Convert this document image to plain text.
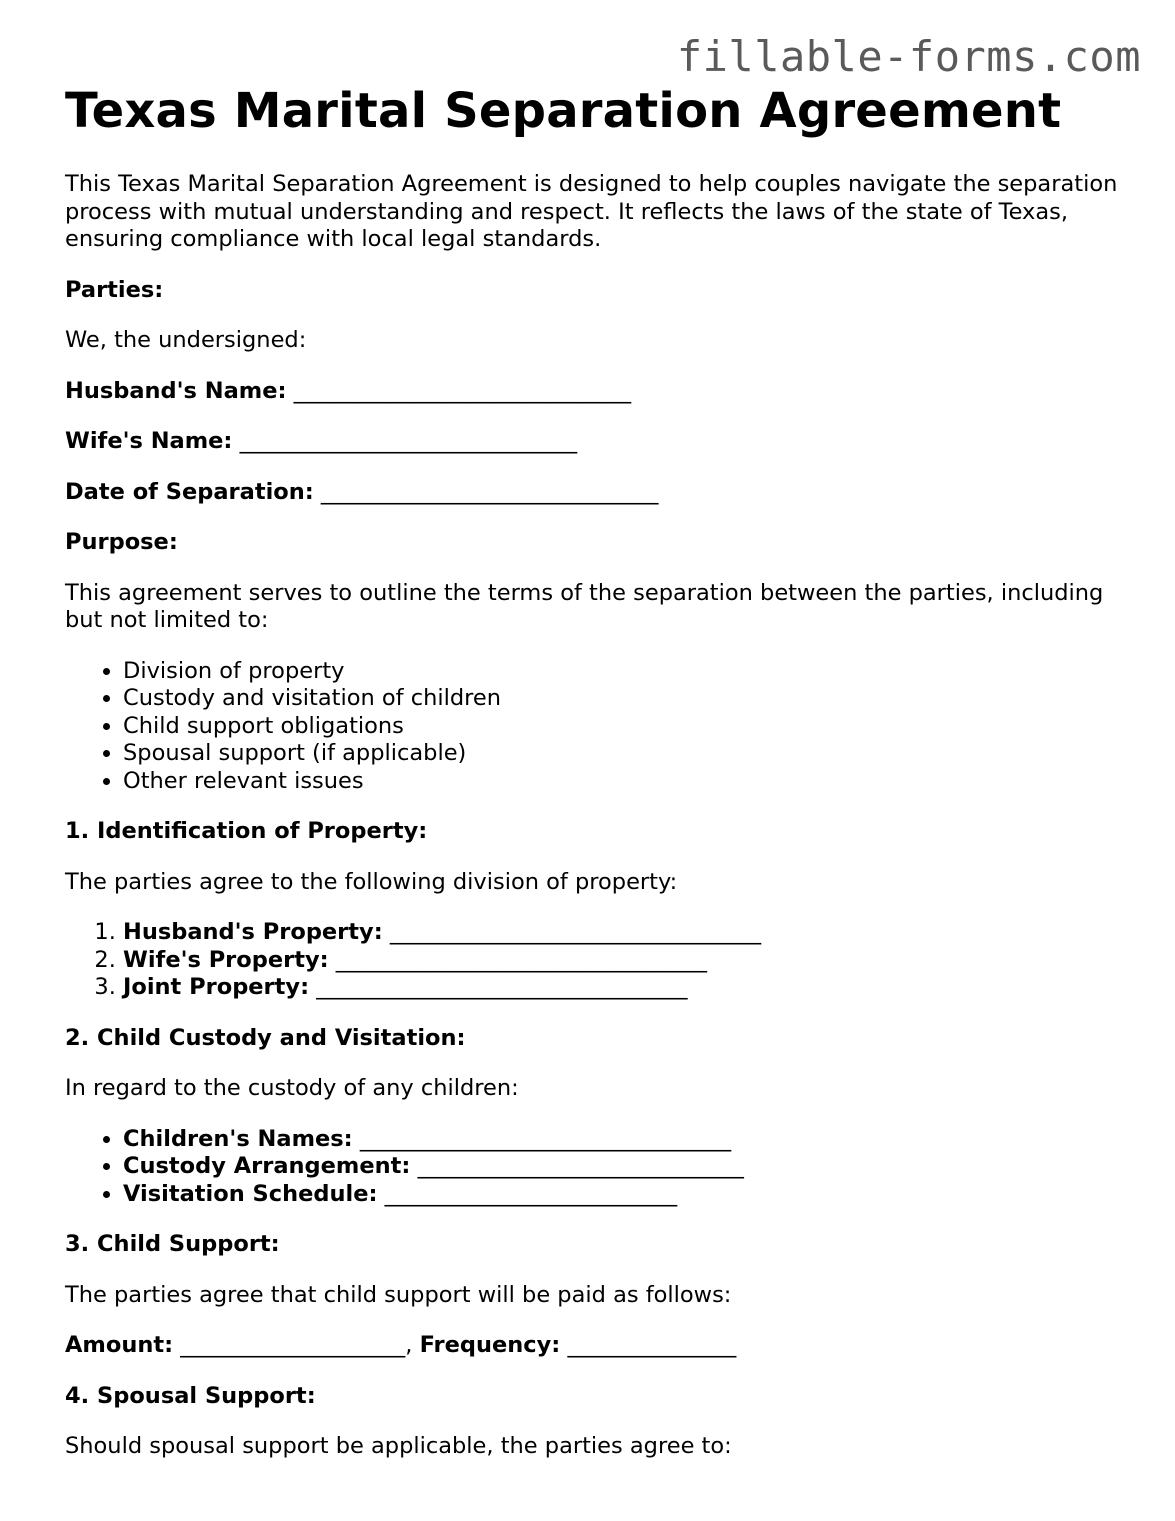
fillable-forms.com
Texas Marital Separation Agreement

This Texas Marital Separation Agreement is designed to help couples navigate the separation process with mutual understanding and respect. It reflects the laws of the state of Texas, ensuring compliance with local legal standards.

Parties:

We, the undersigned:

Husband's Name: ______________________________

Wife's Name: ______________________________

Date of Separation: ______________________________

Purpose:

This agreement serves to outline the terms of the separation between the parties, including but not limited to:

• Division of property
• Custody and visitation of children
• Child support obligations
• Spousal support (if applicable)
• Other relevant issues

1. Identification of Property:

The parties agree to the following division of property:

1. Husband's Property: _________________________________
2. Wife's Property: _________________________________
3. Joint Property: _________________________________

2. Child Custody and Visitation:

In regard to the custody of any children:

• Children's Names: _________________________________
• Custody Arrangement: _____________________________
• Visitation Schedule: __________________________

3. Child Support:

The parties agree that child support will be paid as follows:

Amount: ____________________, Frequency: _______________

4. Spousal Support:

Should spousal support be applicable, the parties agree to:
